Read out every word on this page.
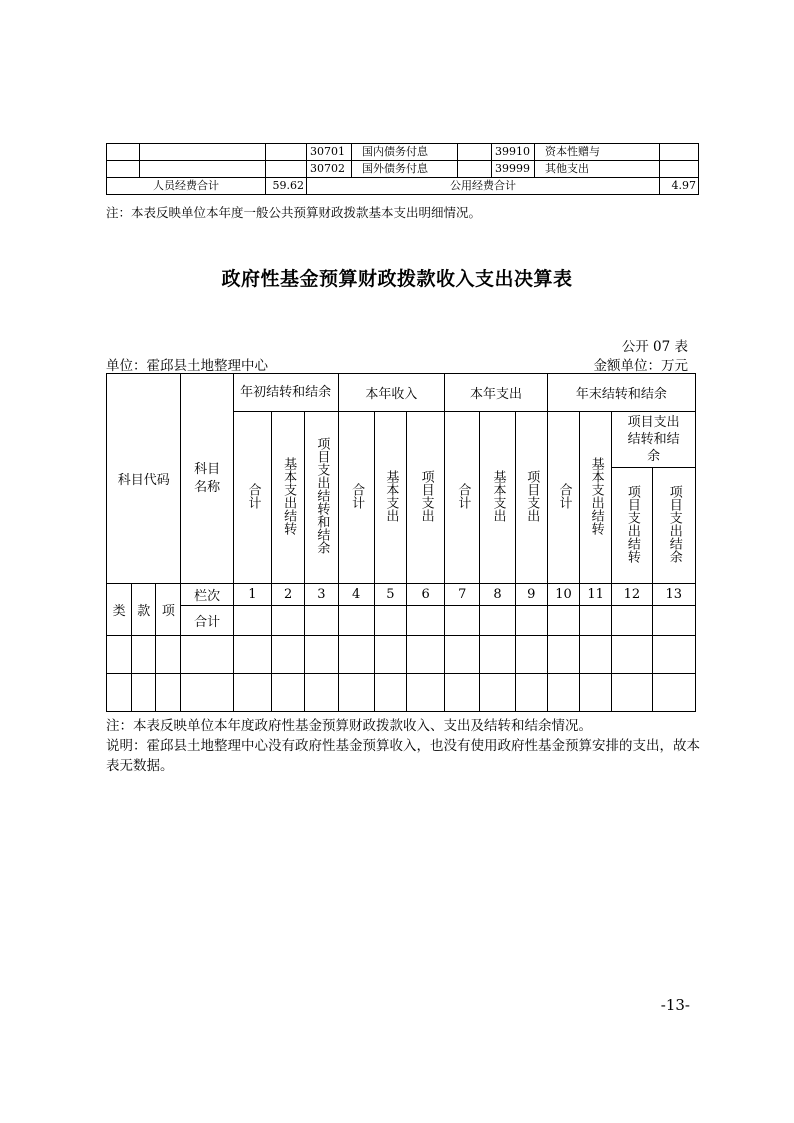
			30701	国内债务付息		39910	资本性赠与	
			30702	国外债务付息		39999	其他支出	
人员经费合计		59.62	公用经费合计					4.97
注：本表反映单位本年度一般公共预算财政拨款基本支出明细情况。
政府性基金预算财政拨款收入支出决算表
公开 07 表
单位：霍邱县土地整理中心	金额单位：万元
科目代码			科目名称	年初结转和结余			本年收入			本年支出			年末结转和结余			
				合计	基本支出结转	项目支出结转和结余	合计	基本支出	项目支出	合计	基本支出	项目支出	合计	基本支出结转	项目支出结转和结余	
															项目支出结转	项目支出结余
类	款	项	栏次	1	2	3	4	5	6	7	8	9	10	11	12	13
			合计													

注：本表反映单位本年度政府性基金预算财政拨款收入、支出及结转和结余情况。
说明：霍邱县土地整理中心没有政府性基金预算收入，也没有使用政府性基金预算安排的支出，故本表无数据。
-13-
